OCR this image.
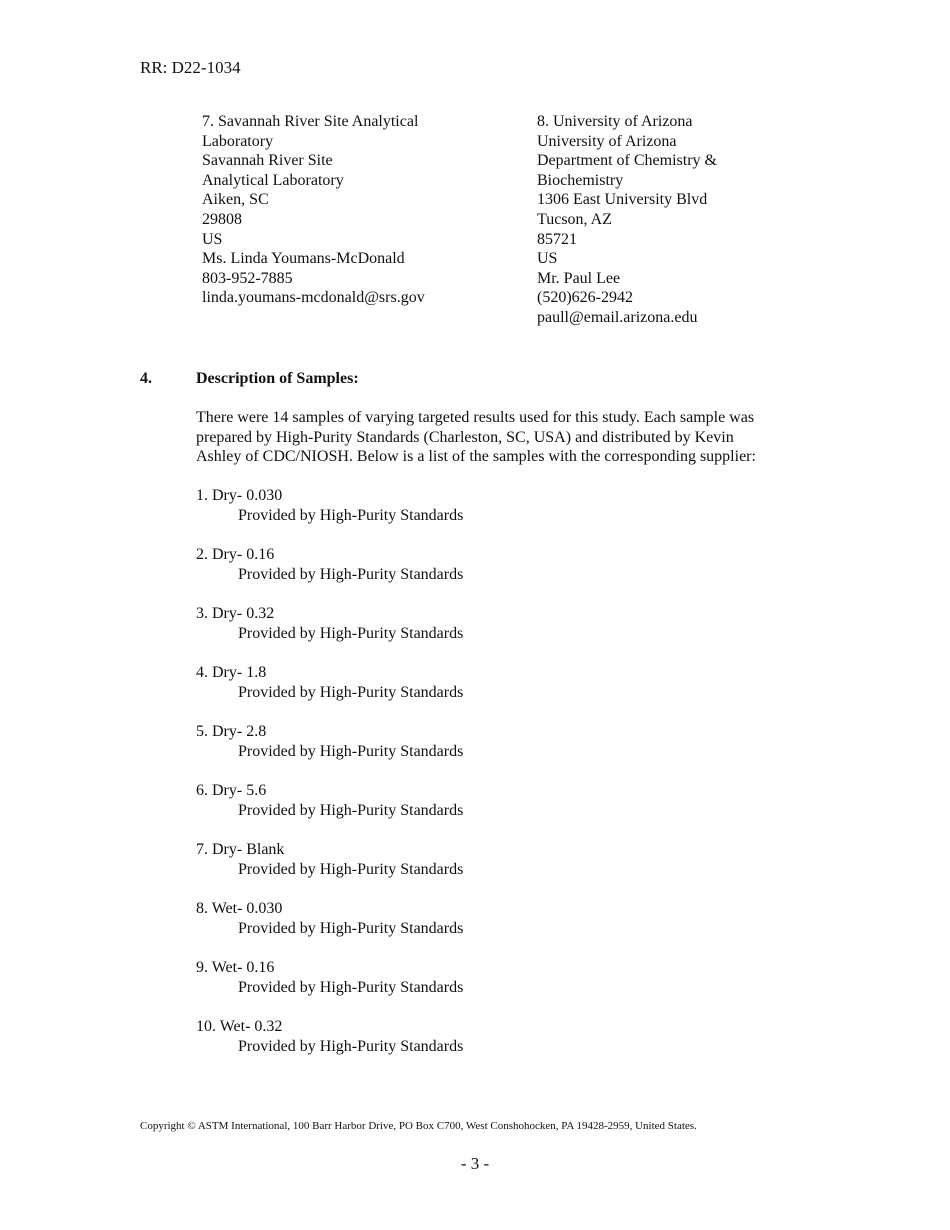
RR: D22-1034
7. Savannah River Site Analytical
Laboratory
Savannah River Site
Analytical Laboratory
Aiken, SC
29808
US
Ms. Linda Youmans-McDonald
803-952-7885
linda.youmans-mcdonald@srs.gov
8. University of Arizona
University of Arizona
Department of Chemistry &
Biochemistry
1306 East University Blvd
Tucson, AZ
85721
US
Mr. Paul Lee
(520)626-2942
paull@email.arizona.edu
4.	Description of Samples:
There were 14 samples of varying targeted results used for this study. Each sample was
prepared by High-Purity Standards (Charleston, SC, USA) and distributed by Kevin
Ashley of CDC/NIOSH. Below is a list of the samples with the corresponding supplier:
1. Dry- 0.030
Provided by High-Purity Standards
2. Dry- 0.16
Provided by High-Purity Standards
3. Dry- 0.32
Provided by High-Purity Standards
4. Dry- 1.8
Provided by High-Purity Standards
5. Dry- 2.8
Provided by High-Purity Standards
6. Dry- 5.6
Provided by High-Purity Standards
7. Dry- Blank
Provided by High-Purity Standards
8. Wet- 0.030
Provided by High-Purity Standards
9. Wet- 0.16
Provided by High-Purity Standards
10. Wet- 0.32
Provided by High-Purity Standards
Copyright © ASTM International, 100 Barr Harbor Drive, PO Box C700, West Conshohocken, PA 19428-2959, United States.
- 3 -
